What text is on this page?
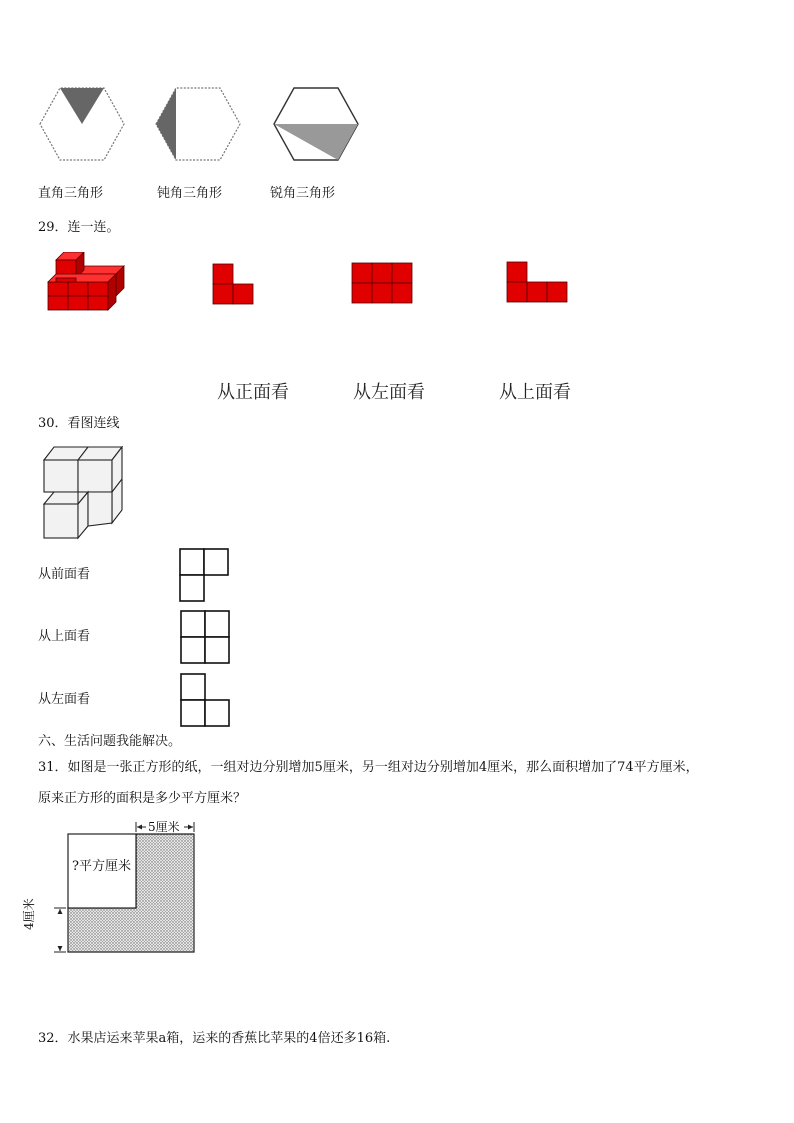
直角三角形	钝角三角形	锐角三角形
29．连一连。
从正面看	从左面看	从上面看
30．看图连线
从前面看
从上面看
从左面看
六、生活问题我能解决。
31．如图是一张正方形的纸，一组对边分别增加5厘米，另一组对边分别增加4厘米，那么面积增加了74平方厘米，
原来正方形的面积是多少平方厘米？
5厘米
?平方厘米
4厘米
32．水果店运来苹果a箱，运来的香蕉比苹果的4倍还多16箱.
